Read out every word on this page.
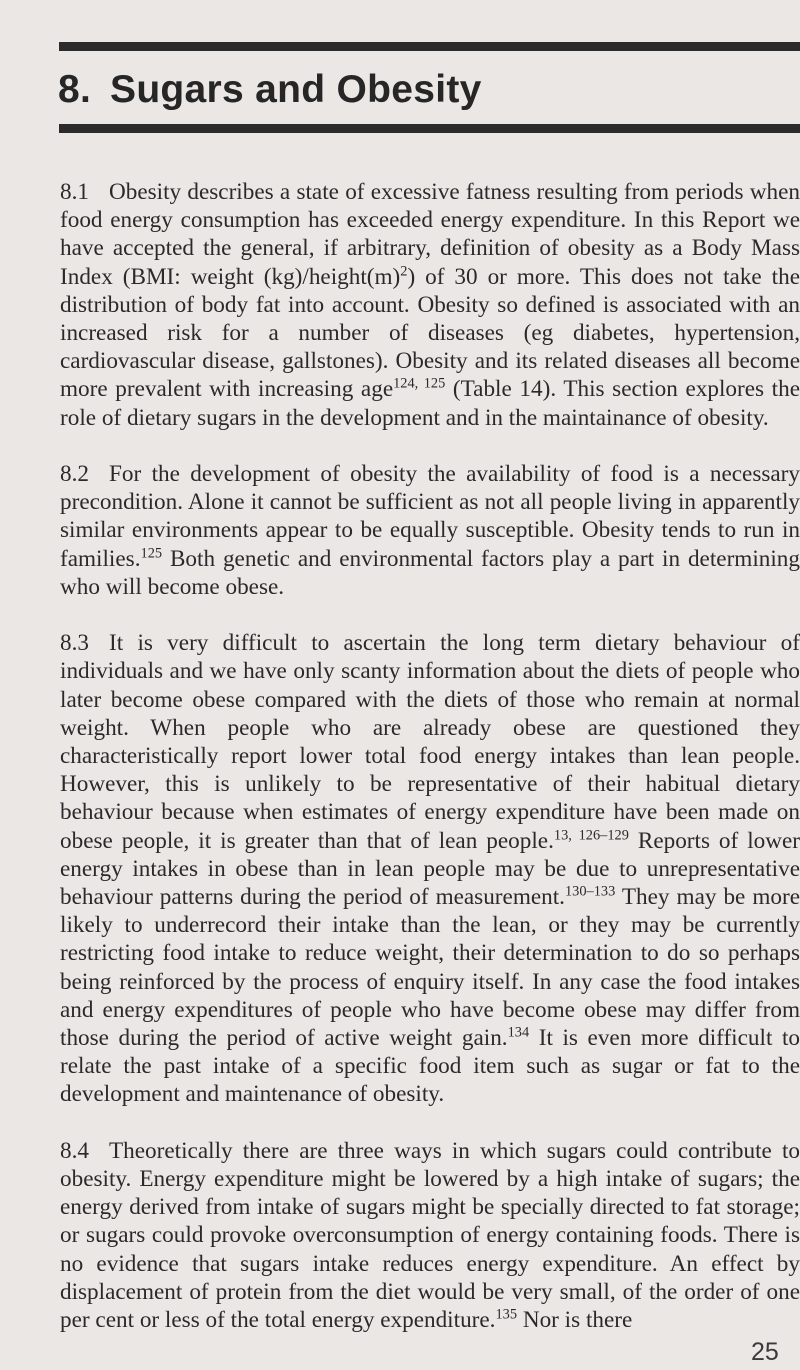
8. Sugars and Obesity

8.1 Obesity describes a state of excessive fatness resulting from periods when food energy consumption has exceeded energy expenditure. In this Report we have accepted the general, if arbitrary, definition of obesity as a Body Mass Index (BMI: weight $(kg)/height(m)^2$) of 30 or more. This does not take the distribution of body fat into account. Obesity so defined is associated with an increased risk for a number of diseases (eg diabetes, hypertension, cardiovascular disease, gallstones). Obesity and its related diseases all become more prevalent with increasing age$^{124, 125}$ (Table 14). This section explores the role of dietary sugars in the development and in the maintainance of obesity.

8.2 For the development of obesity the availability of food is a necessary precondition. Alone it cannot be sufficient as not all people living in apparently similar environments appear to be equally susceptible. Obesity tends to run in families.$^{125}$ Both genetic and environmental factors play a part in determining who will become obese.

8.3 It is very difficult to ascertain the long term dietary behaviour of individuals and we have only scanty information about the diets of people who later become obese compared with the diets of those who remain at normal weight. When people who are already obese are questioned they characteristically report lower total food energy intakes than lean people. However, this is unlikely to be representative of their habitual dietary behaviour because when estimates of energy expenditure have been made on obese people, it is greater than that of lean people.$^{13, 126-129}$ Reports of lower energy intakes in obese than in lean people may be due to unrepresentative behaviour patterns during the period of measurement.$^{130-133}$ They may be more likely to underrecord their intake than the lean, or they may be currently restricting food intake to reduce weight, their determination to do so perhaps being reinforced by the process of enquiry itself. In any case the food intakes and energy expenditures of people who have become obese may differ from those during the period of active weight gain.$^{134}$ It is even more difficult to relate the past intake of a specific food item such as sugar or fat to the development and maintenance of obesity.

8.4 Theoretically there are three ways in which sugars could contribute to obesity. Energy expenditure might be lowered by a high intake of sugars; the energy derived from intake of sugars might be specially directed to fat storage; or sugars could provoke overconsumption of energy containing foods. There is no evidence that sugars intake reduces energy expenditure. An effect by displacement of protein from the diet would be very small, of the order of one per cent or less of the total energy expenditure.$^{135}$ Nor is there

25
